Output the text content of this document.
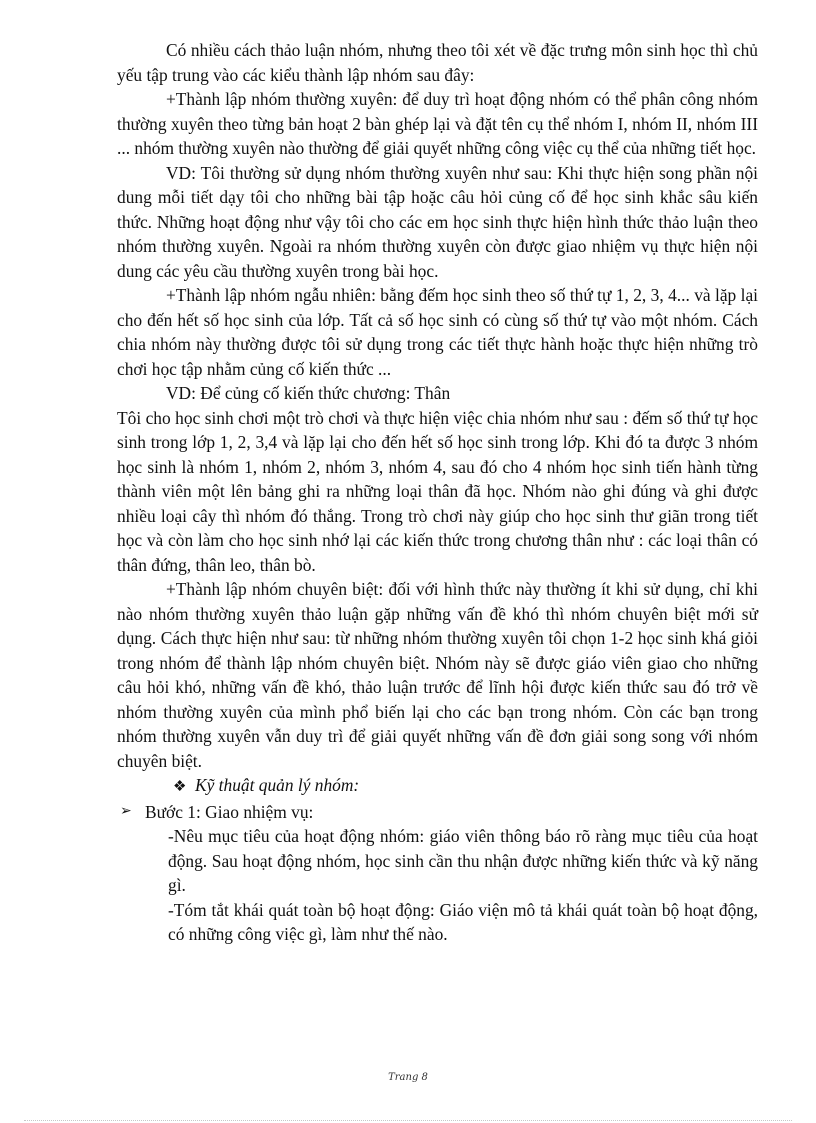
Có nhiều cách thảo luận nhóm, nhưng theo tôi xét về đặc trưng môn sinh học thì chủ yếu tập trung vào các kiểu thành lập nhóm sau đây:

+Thành lập nhóm thường xuyên: để duy trì hoạt động nhóm có thể phân công nhóm thường xuyên theo từng bản hoạt 2 bàn ghép lại và đặt tên cụ thể nhóm I, nhóm II, nhóm III ... nhóm thường xuyên nào thường để giải quyết những công việc cụ thể của những tiết học.

VD: Tôi thường sử dụng nhóm thường xuyên như sau: Khi thực hiện song phần nội dung mỗi tiết dạy tôi cho những bài tập hoặc câu hỏi củng cố để học sinh khắc sâu kiến thức. Những hoạt động như vậy tôi cho các em học sinh thực hiện hình thức thảo luận theo nhóm thường xuyên. Ngoài ra nhóm thường xuyên còn được giao nhiệm vụ thực hiện nội dung các yêu cầu thường xuyên trong bài học.

+Thành lập nhóm ngẫu nhiên: bằng đếm học sinh theo số thứ tự 1, 2, 3, 4... và lặp lại cho đến hết số học sinh của lớp. Tất cả số học sinh có cùng số thứ tự vào một nhóm. Cách chia nhóm này thường được tôi sử dụng trong các tiết thực hành hoặc thực hiện những trò chơi học tập nhằm củng cố kiến thức ...

VD: Để củng cố kiến thức chương: Thân

Tôi cho học sinh chơi một trò chơi và thực hiện việc chia nhóm như sau : đếm số thứ tự học sinh trong lớp 1, 2, 3,4 và lặp lại cho đến hết số học sinh trong lớp. Khi đó ta được 3 nhóm học sinh là nhóm 1, nhóm 2, nhóm 3, nhóm 4, sau đó cho 4 nhóm học sinh tiến hành từng thành viên một lên bảng ghi ra những loại thân đã học. Nhóm nào ghi đúng và ghi được nhiều loại cây thì nhóm đó thắng. Trong trò chơi này giúp cho học sinh thư giãn trong tiết học và còn làm cho học sinh nhớ lại các kiến thức trong chương thân như : các loại thân có thân đứng, thân leo, thân bò.

+Thành lập nhóm chuyên biệt: đối với hình thức này thường ít khi sử dụng, chỉ khi nào nhóm thường xuyên thảo luận gặp những vấn đề khó thì nhóm chuyên biệt mới sử dụng. Cách thực hiện như sau: từ những nhóm thường xuyên tôi chọn 1-2 học sinh khá giỏi trong nhóm để thành lập nhóm chuyên biệt. Nhóm này sẽ được giáo viên giao cho những câu hỏi khó, những vấn đề khó, thảo luận trước để lĩnh hội được kiến thức sau đó trở về nhóm thường xuyên của mình phổ biến lại cho các bạn trong nhóm. Còn các bạn trong nhóm thường xuyên vẫn duy trì để giải quyết những vấn đề đơn giải song song với nhóm chuyên biệt.

❖ Kỹ thuật quản lý nhóm:
➢ Bước 1: Giao nhiệm vụ:

-Nêu mục tiêu của hoạt động nhóm: giáo viên thông báo rõ ràng mục tiêu của hoạt động. Sau hoạt động nhóm, học sinh cần thu nhận được những kiến thức và kỹ năng gì.

-Tóm tắt khái quát toàn bộ hoạt động: Giáo viện mô tả khái quát toàn bộ hoạt động, có những công việc gì, làm như thế nào.

Trang 8
